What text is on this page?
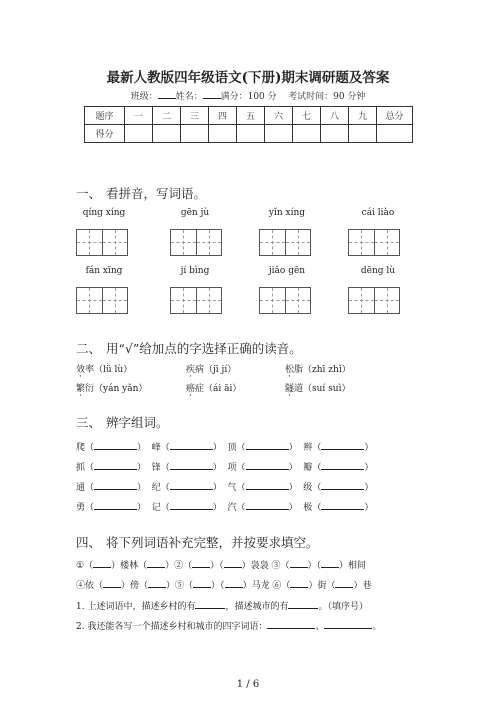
最新人教版四年级语文(下册)期末调研题及答案
班级： 姓名： 满分：100 分 考试时间：90 分钟
题序	一	二	三	四	五	六	七	八	九	总分
得分										
一、 看拼音，写词语。
qíng xíng	gēn jù	yǐn xíng	cái liào
fán xīng	jí bìng	jiǎo gēn	dēng lù
二、 用“√”给加点的字选择正确的读音。
效率（lǜ lù）	疾病（jī jí）	松脂（zhī zhǐ）
繁衍（yán yǎn）	癌症（ái āi）	隧道（suí suì）
三、 辨字组词。
爬（	）  峰（	）  顶（	）  辫（	）
抓（	）  锋（	）  项（	）  瓣（	）
通（	）  纪（	）  气（	）  级（	）
勇（	）  记（	）  汽（	）  极（	）
四、 将下列词语补充完整，并按要求填空。
①（ ）楼林（ ）②（ ）（ ）袅袅 ③（ ）（ ）相间
④依（ ）傍（ ）⑤（ ）（ ）马龙 ⑥（ ）街（ ）巷
1. 上述词语中，描述乡村的有	，描述城市的有	。（填序号）
2. 我还能各写一个描述乡村和城市的四字词语：	、	。
1 / 6
